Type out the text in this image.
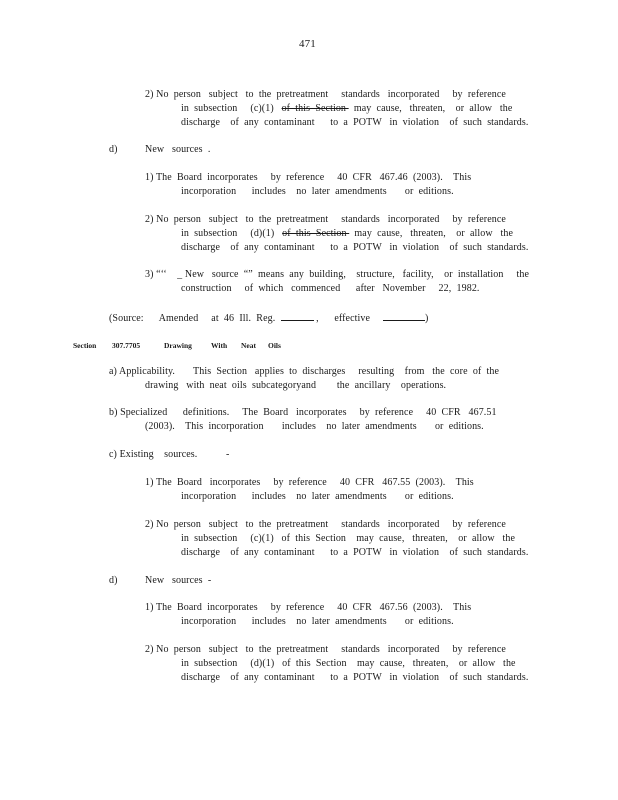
471
2) No  person   subject   to  the  pretreatment     standards   incorporated     by  reference
in  subsection     (c)(1)   of  this  Section   may  cause,   threaten,    or  allow   the
discharge    of  any  contaminant      to  a  POTW   in  violation    of  such  standards.
d)	New   sources  .
1) The  Board  incorporates     by  reference     40  CFR   467.46  (2003).    This
incorporation      includes    no  later  amendments       or  editions.
2) No  person   subject   to  the  pretreatment     standards   incorporated     by  reference
in  subsection     (d)(1)   of  this  Section   may  cause,   threaten,    or  allow   the
discharge    of  any  contaminant      to  a  POTW   in  violation    of  such  standards.
3) “‘‘    _ New   source  “”  means  any  building,    structure,   facility,    or  installation     the
construction     of  which   commenced      after   November     22,  1982.
(Source:      Amended     at  46  Ill.  Reg.	,      effective	)
Section 307.7705	Drawing	With Neat Oils
a) Applicability.       This  Section   applies  to  discharges     resulting    from   the  core  of  the
drawing   with  neat  oils  subcategoryand        the  ancillary    operations.
b) Specialized      definitions.     The  Board   incorporates     by  reference     40  CFR   467.51
(2003).    This  incorporation       includes    no  later  amendments       or  editions.
c) Existing    sources.	-
1) The  Board   incorporates     by  reference     40  CFR   467.55  (2003).    This
incorporation      includes    no  later  amendments       or  editions.
2) No  person   subject   to  the  pretreatment     standards   incorporated     by  reference
in  subsection     (c)(1)   of  this  Section    may  cause,   threaten,    or  allow   the
discharge    of  any  contaminant      to  a  POTW   in  violation    of  such  standards.
d)	New   sources  -
1) The  Board  incorporates     by  reference     40  CFR   467.56  (2003).    This
incorporation      includes    no  later  amendments       or  editions.
2) No  person   subject   to  the  pretreatment     standards   incorporated     by  reference
in  subsection     (d)(1)   of  this  Section    may  cause,   threaten,    or  allow   the
discharge    of  any  contaminant      to  a  POTW   in  violation    of  such  standards.
